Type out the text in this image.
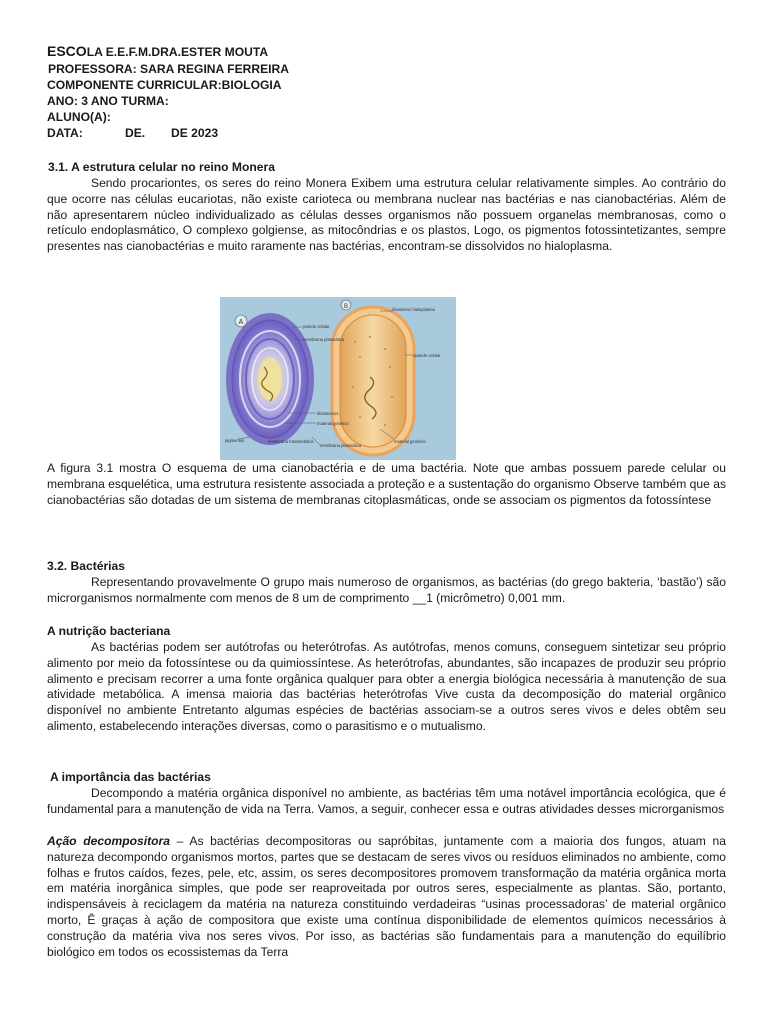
ESCOLA E.E.F.M.DRA.ESTER MOUTA
PROFESSORA: SARA REGINA FERREIRA
COMPONENTE CURRICULAR:BIOLOGIA
ANO: 3 ANO TURMA:
ALUNO(A):
DATA:	DE. DE 2023
3.1. A estrutura celular no reino Monera
Sendo procariontes, os seres do reino Monera Exibem uma estrutura celular relativamente simples. Ao contrário do que ocorre nas células eucariotas, não existe carioteca ou membrana nuclear nas bactérias e nas cianobactérias. Além de não apresentarem núcleo individualizado as células desses organismos não possuem organelas membranosas, como o retículo endoplasmático, O complexo golgiense, as mitocôndrias e os plastos, Logo, os pigmentos fotossintetizantes, sempre presentes nas cianobactérias e muito raramente nas bactérias, encontram-se dissolvidos no hialoplasma.
A
B
parede celular
membrana plasmática
ribossomos
material genético
membrana fotossintética
pigmentos
membrana plasmática
ribossomo hialoplasma
parede celular
material genético
A figura 3.1 mostra O esquema de uma cianobactéria e de uma bactéria. Note que ambas possuem parede celular ou membrana esquelética, uma estrutura resistente associada a proteção e a sustentação do organismo Observe também que as cianobactérias são dotadas de um sistema de membranas citoplasmáticas, onde se associam os pigmentos da fotossíntese
3.2. Bactérias
Representando provavelmente O grupo mais numeroso de organismos, as bactérias (do grego bakteria, ‘bastão’) são microrganismos normalmente com menos de 8 um de comprimento __1 (micrômetro) 0,001 mm.
A nutrição bacteriana
As bactérias podem ser autótrofas ou heterótrofas. As autótrofas, menos comuns, conseguem sintetizar seu próprio alimento por meio da fotossíntese ou da quimiossíntese. As heterótrofas, abundantes, são incapazes de produzir seu próprio alimento e precisam recorrer a uma fonte orgânica qualquer para obter a energia biológica necessária à manutenção de sua atividade metabólica. A imensa maioria das bactérias heterótrofas Vive custa da decomposição do material orgânico disponível no ambiente Entretanto algumas espécies de bactérias associam-se a outros seres vivos e deles obtêm seu alimento, estabelecendo interações diversas, como o parasitismo e o mutualismo.
A importância das bactérias
Decompondo a matéria orgânica disponível no ambiente, as bactérias têm uma notável importância ecológica, que é fundamental para a manutenção de vida na Terra. Vamos, a seguir, conhecer essa e outras atividades desses microrganismos
Ação decompositora – As bactérias decompositoras ou sapróbitas, juntamente com a maioria dos fungos, atuam na natureza decompondo organismos mortos, partes que se destacam de seres vivos ou resíduos eliminados no ambiente, como folhas e frutos caídos, fezes, pele, etc, assim, os seres decompositores promovem transformação da matéria orgânica morta em matéria inorgânica simples, que pode ser reaproveitada por outros seres, especialmente as plantas. São, portanto, indispensáveis à reciclagem da matéria na natureza constituindo verdadeiras “usinas processadoras’ de material orgânico morto, Ê graças à ação de compositora que existe uma contínua disponibilidade de elementos químicos necessários à construção da matéria viva nos seres vivos. Por isso, as bactérias são fundamentais para a manutenção do equilíbrio biológico em todos os ecossistemas da Terra
